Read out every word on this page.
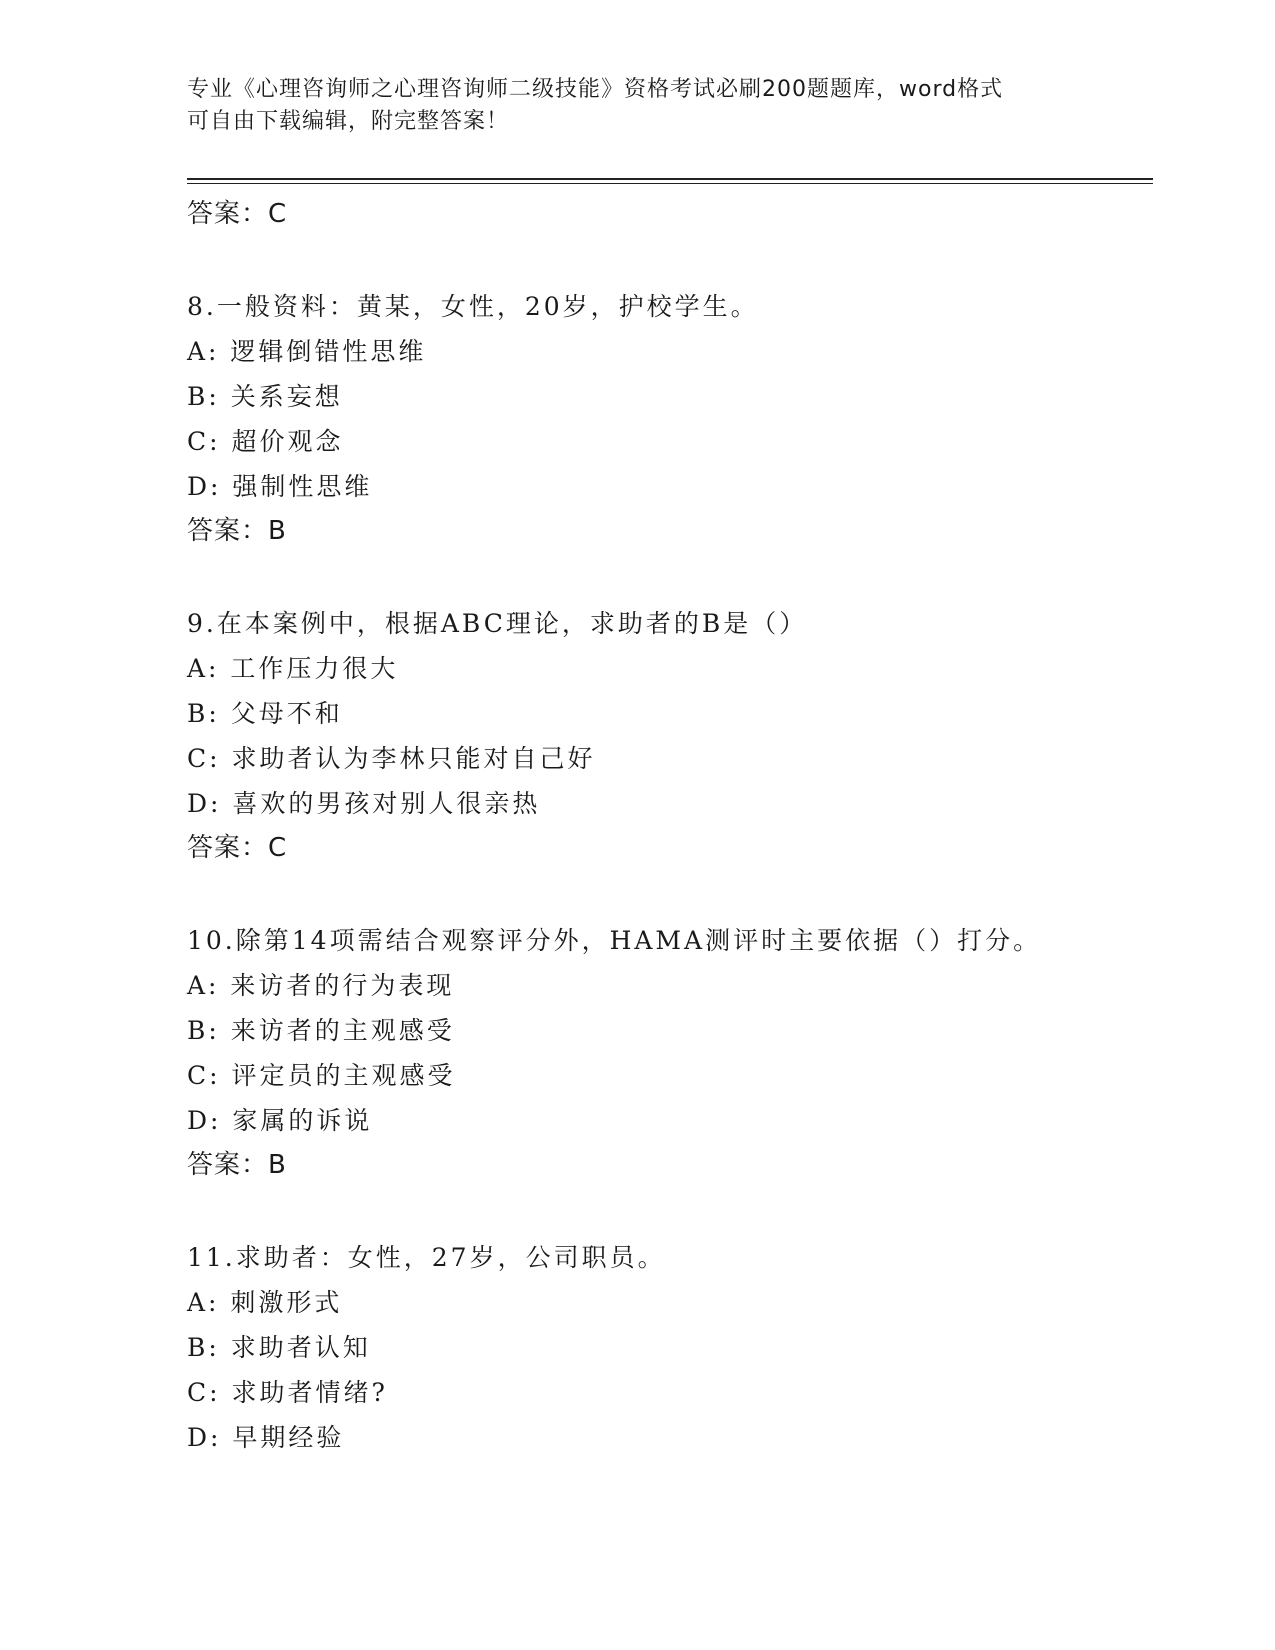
专业《心理咨询师之心理咨询师二级技能》资格考试必刷200题题库，word格式
可自由下载编辑，附完整答案！
答案：C
8.一般资料：黄某，女性，20岁，护校学生。
A: 逻辑倒错性思维
B: 关系妄想
C: 超价观念
D: 强制性思维
答案：B
9.在本案例中，根据ABC理论，求助者的B是（）
A: 工作压力很大
B: 父母不和
C: 求助者认为李林只能对自己好
D: 喜欢的男孩对别人很亲热
答案：C
10.除第14项需结合观察评分外，HAMA测评时主要依据（）打分。
A: 来访者的行为表现
B: 来访者的主观感受
C: 评定员的主观感受
D: 家属的诉说
答案：B
11.求助者：女性，27岁，公司职员。
A: 刺激形式
B: 求助者认知
C: 求助者情绪?
D: 早期经验
